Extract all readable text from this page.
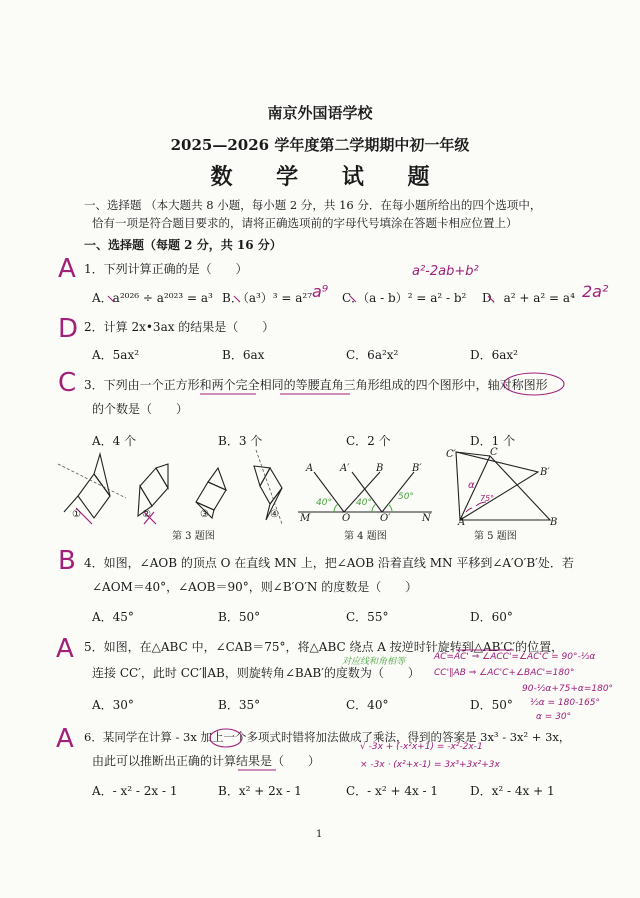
南京外国语学校
2025—2026 学年度第二学期期中初一年级
数 学 试 题
一、选择题 （本大题共 8 小题，每小题 2 分，共 16 分．在每小题所给出的四个选项中，
恰有一项是符合题目要求的，请将正确选项前的字母代号填涂在答题卡相应位置上）
一、选择题（每题 2 分，共 16 分）
A 1．下列计算正确的是（　　）	a²-2ab+b²
A．a²⁰²⁶ ÷ a²⁰²³ = a³ B．（a³）³ = a²⁷ a⁹ C．（a - b）² = a² - b² D．a² + a² = a⁴ 2a²
D 2．计算 2x•3ax 的结果是（　　）
A．5ax²	B．6ax	C．6a²x²	D．6ax²
C 3．下列由一个正方形和两个完全相同的等腰直角三角形组成的四个图形中，轴对称图形
的个数是（　　）
A．4 个	B．3 个	C．2 个	D．1 个
①	②	③	④
第 3 题图
A	A′	B	B′
40°	40°
50°
M	O	O′	N
第 4 题图
C′	C
B′
α
75°
A	B
第 5 题图
B 4．如图，∠AOB 的顶点 O 在直线 MN 上，把∠AOB 沿着直线 MN 平移到∠A′O′B′处．若
∠AOM＝40°，∠AOB＝90°，则∠B′O′N 的度数是（　　）
A．45°	B．50°	C．55°	D．60°
A 5．如图，在△ABC 中，∠CAB＝75°，将△ABC 绕点 A 按逆时针旋转到△AB′C′的位置，
对应线和角相等
连接 CC′，此时 CC′∥AB，则旋转角∠BAB′的度数为（　　）
AC=AC' ⇒ ∠ACC'=∠AC'C = 90°-½α
CC'∥AB ⇒ ∠AC'C+∠BAC'=180°
90-½α+75+α=180°
½α = 180-165°
α = 30°
A．30°	B．35°	C．40°	D．50°
A 6．某同学在计算 - 3x 加上一个多项式时错将加法做成了乘法，得到的答案是 3x³ - 3x² + 3x，
由此可以推断出正确的计算结果是（　　）
√ -3x + (-x²x+1) = -x²-2x-1
× -3x · (x²+x-1) = 3x³+3x²+3x
A．- x² - 2x - 1	B．x² + 2x - 1	C．- x² + 4x - 1	D．x² - 4x + 1
1
